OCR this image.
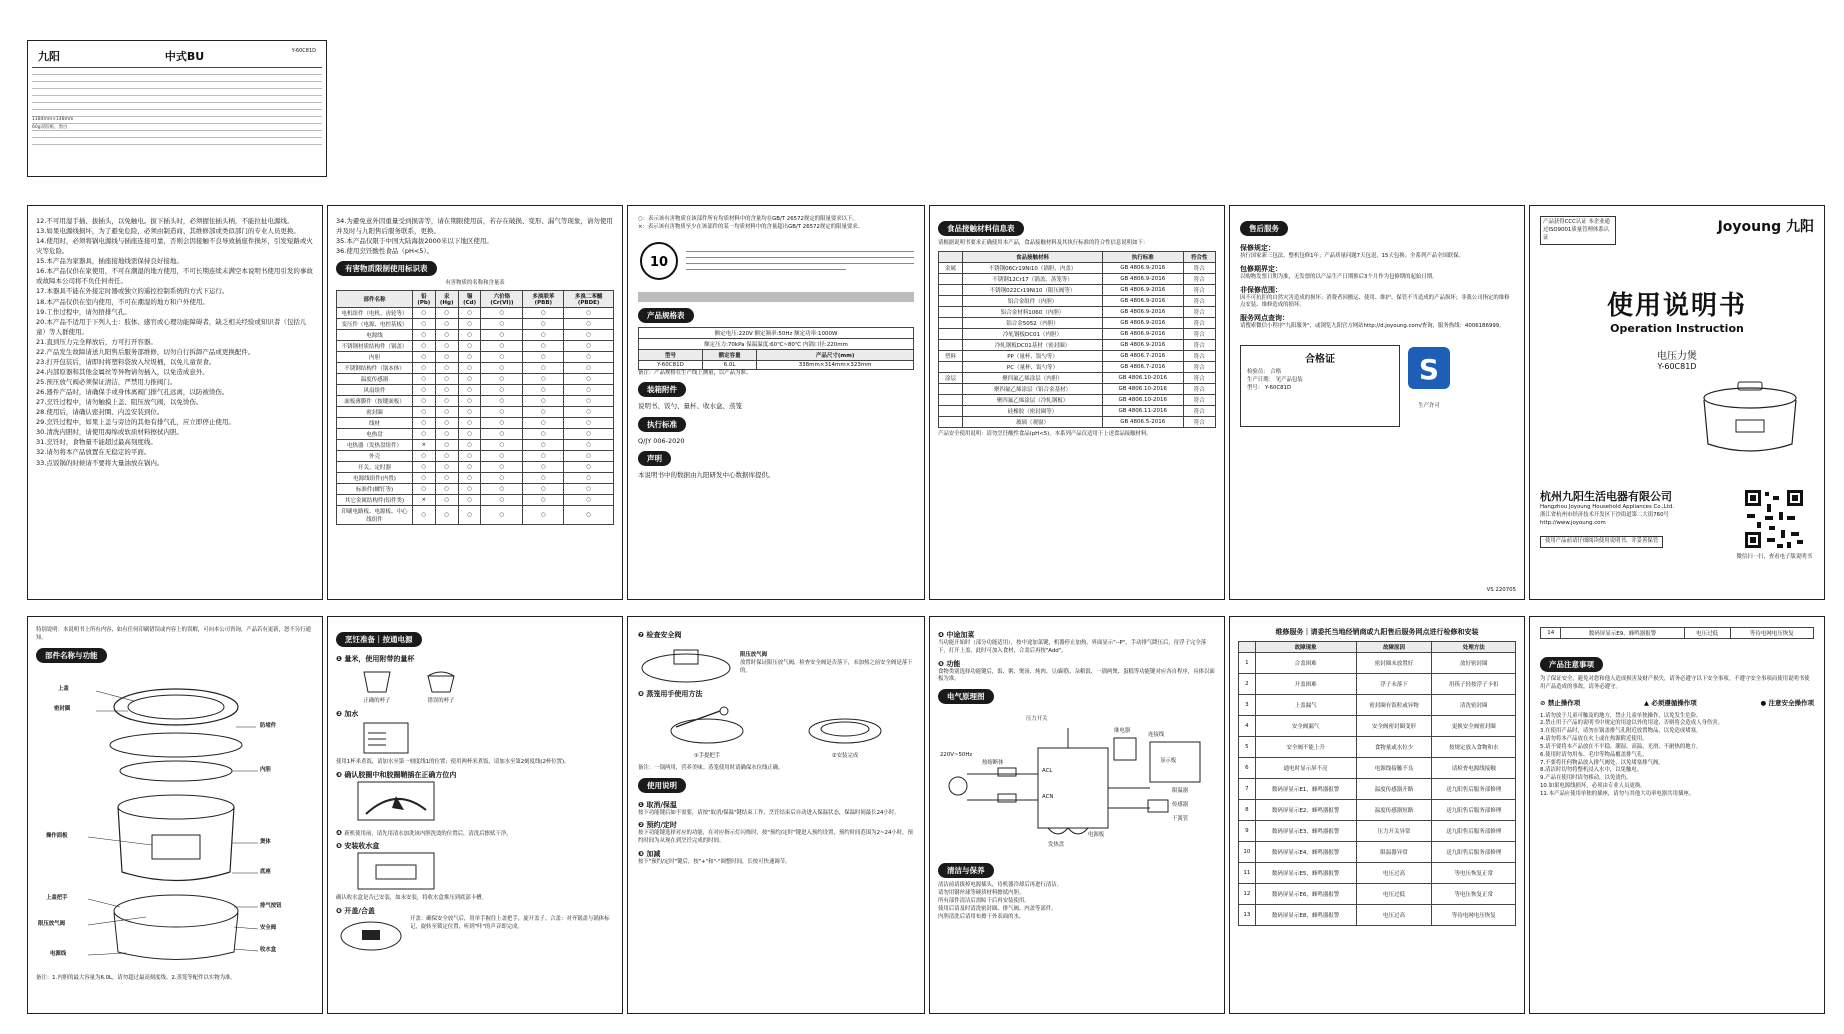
九阳	中式BU	Y-60C81D
1184mm×148mm
60g双胶纸，黑白
12.不可用湿手插、拔插头，以免触电。拔下插头时，必须握住插头柄，不能拉扯电源线。
13.如果电源线损坏，为了避免危险，必须由制造商、其维修部或类似部门的专业人员更换。
14.使用时，必须将锅电源线与插座连接可靠，否则会因接触不良导致插座件损坏，引发短路或火灾等危险。
15.本产品为家器具，插座接地线需保持良好接地。
16.本产品仅供在家使用，不可在潮湿的地方使用，不可长期连续未满空本说明书使用引发的事故或故障本公司将不负任何责任。
17.本器具不能在外接定时器或独立的遥控控制系统的方式下运行。
18.本产品仅供在室内使用，不可在潮湿的地方和户外使用。
19.工作过程中，请勿捂排气孔。
20.本产品不适用于下列人士：肢体、感官或心理功能障碍者，缺乏相关经验或知识者（包括儿童）等人群使用。
21.直到压力完全释放后，方可打开容器。
22.产品发生故障请送九阳售后服务部维修，切勿自行拆卸产品或更换配件。
23.打开包装后，请即时将塑料袋放入垃圾桶，以免儿童误食。
24.内部原器和其他金属丝等异物请勿插入，以免造成意外。
25.预压放气阀必须保证清洁，严禁用力推阀门。
26.器件产品时，请确保手或身体离阀门排气孔远离，以防被烫伤。
27.烹饪过程中，请勿触摸上盖、阻压放气阀，以免烫伤。
28.使用后，请确认密封圈、内盖安装到位。
29.烹饪过程中，如果上盖与旁边的其他有排气孔，应立即停止使用。
30.清洗内胆时，请使用海绵或软质材料擦拭内胆。
31.烹饪时，食物量不能超过最高刻度线。
32.请勿将本产品放置在无稳定的平面。
33.点饭锅的时候请不要将大量油放在锅内。
34.为避免意外因重量受到损害等，请在期限使用前，若存在破损、变形、漏气等现象，请勿使用并及时与九阳售后服务联系，更换。
35.本产品仅限于中国大陆海拔2000米以下地区使用。
36.使用烹饪酸性食品（pH<5）。
有害物质限制使用标识表
有害物质的名称和含量表
部件名称	铅(Pb)	汞(Hg)	镉(Cd)	六价铬(Cr(VI))	多溴联苯(PBB)	多溴二苯醚(PBDE)
电机组件（电机、齿轮等）	○	○	○	○	○	○
变压件（电源、电控基板）	○	○	○	○	○	○
电源线	○	○	○	○	○	○
不锈钢材质结构件（锅盖）	○	○	○	○	○	○
内胆	○	○	○	○	○	○
不锈钢结构件（锅本体）	○	○	○	○	○	○
温度传感器	○	○	○	○	○	○
风扇组件	○	○	○	○	○	○
面板薄膜件（按键面板）	○	○	○	○	○	○
密封圈	○	○	○	○	○	○
线材	○	○	○	○	○	○
电热盘	○	○	○	○	○	○
电热器（发热盘组件）	×	○	○	○	○	○
外壳	○	○	○	○	○	○
开关、定时器	○	○	○	○	○	○
电源线组件(内置)	○	○	○	○	○	○
标准件(螺钉等)	○	○	○	○	○	○
其它金属结构件(铝件类)	×	○	○	○	○	○
印刷电路板、电源板、中心线组件	○	○	○	○	○	○
○：表示该有害物质在该部件所有均质材料中的含量均在GB/T 26572规定的限量要求以下。
×：表示该有害物质至少在该部件的某一均质材料中的含量超出GB/T 26572规定的限量要求。
10
产品规格表
额定电压:220V 额定频率:50Hz 额定功率:1000W		
额定压力:70kPa 保温温度:60℃~80℃ 内锅口径:220mm		
型号	额定容量	产品尺寸(mm)
Y-60C81D	6.0L	338mm×314mm×323mm
备注：产品规格在生产线上测量，以产品为准。
装箱附件
说明书、饭勺、量杯、收水盒、蒸笼
执行标准
Q/JY 006-2020
声明
本说明书中的数据由九阳研发中心数据库提供。
食品接触材料信息表
请根据说明书要求正确使用本产品，食品接触材料及其执行标准的符合性信息说明如下：
	食品接触材料	执行标准	符合性
金属	不锈钢06Cr19Ni10（锅胆、内盖）	GB 4806.9-2016	符合
	不锈钢12Cr17（锅盖、蒸笼等）	GB 4806.9-2016	符合
	不锈钢022Cr19Ni10（限压阀等）	GB 4806.9-2016	符合
	铝合金组件（内胆）	GB 4806.9-2016	符合
	铝合金材料1060（内胆）	GB 4806.9-2016	符合
	铝合金5052（内胆）	GB 4806.9-2016	符合
	冷轧钢板DC01（内胆）	GB 4806.9-2016	符合
	冷轧钢板DC01基材（密封圈）	GB 4806.9-2016	符合
塑料	PP（量杯、饭勺等）	GB 4806.7-2016	符合
	PC（量杯、饭勺等）	GB 4806.7-2016	符合
涂层	聚四氟乙烯涂层（内胆）	GB 4806.10-2016	符合
	聚四氟乙烯涂层（铝合金基材）	GB 4806.10-2016	符合
	聚四氟乙烯涂层（冷轧钢板）	GB 4806.10-2016	符合
	硅橡胶（密封圈等）	GB 4806.11-2016	符合
	玻璃（观窗）	GB 4806.5-2016	符合
产品安全使用说明：请勿烹饪酸性食品(pH<5)。本系列产品仅适用于上述食品接触材料。
售后服务
保修规定：
执行国家新三包法，整机包修1年；产品质量问题7天包退，15天包换；全系列产品全国联保。
包修期界定：
以购物发票日期为准，无发票的以产品生产日期推后3个月作为包修期的起始日期。
非保修范围：
因不可抗拒的自然灾害造成的损坏；消费者因搬运、使用、维护、保管不当造成的产品损坏；非我公司指定的维修点安装、维修造成的损坏。
服务网点查询：
请搜索微信小程序"九阳服务"，或浏览九阳官方网站http://d.joyoung.com/查询，服务热线：4006186999。
合格证
检验员：
合格
生产日期：
见产品包装
型号：
Y-60C81D
S
生产许可
VS 220705
产品获得CCC认证 本企业通过ISO9001质量管理体系认证
Joyoung 九阳
使用说明书
Operation Instruction
电压力煲
Y-60C81D
杭州九阳生活电器有限公司
Hangzhou Joyoung Household Appliances Co.,Ltd.
浙江省杭州市经济技术开发区下沙街道第二大街760号
http://www.joyoung.com
使用产品前请仔细阅读使用说明书，并妥善保管
微信扫一扫，查看电子版说明书
特别说明：本说明书上所有内容，如有任何印刷错误或内容上的误解，可向本公司咨询，产品若有更新，恕不另行通知。
部件名称与功能
上盖
密封圈
操作面板
上盖把手
限压放气阀
电源线
防堵件
内胆
煲体
底座
排气按钮
安全阀
收水盒
备注：1.内胆的最大容量为6.0L，请勿超过最高刻度线。2.蒸笼等配件以实物为准。
烹饪准备｜按通电源
❶ 量米，使用附带的量杯
正确的杯子	错误的杯子
❷ 加水
使用1杯米煮饭，请加水至第一刻度线1的位置；使用两杯米煮饭，请加水至第2刻度线(2杯位置)。
❸ 确认胶圈中和胶圈鞘插在正确方位内
❹ 新机使用前，请先用清水加洗该内胆洗烫的位置后，清洗后擦拭干净。
❺ 安装收水盒
确认收水盒是否已安装，如未安装，将收水盒推压到底部卡槽。
❻ 开盖/合盖
开盖：确保安全放气后，用单手握住上盖把手，旋开盖子。合盖：对齐锅盖与锅体标记，旋转至锁定位置，听到"咔"的声音即完成。
❼ 检查安全阀
限压放气阀
放置时保证限压放气阀，检查安全阀是否落下，未加热之前安全阀是落下的。
❽ 蒸笼用手使用方法
①手提把手	②安装完成
备注：一锅两用，营养美味。蒸笼使用时请确保水位线正确。
使用说明
❶ 取消/保温
按下功能键后如不需要，请按"取消/保温"键结束工作，烹饪结束后自动进入保温状态，保温时间最长24小时。
❷ 预约/定时
按下功能键选择对应的功能，在对应指示灯闪烁时，按"预约/定时"键进入预约设置，预约时间范围为2~24小时，预约时间为从现在到烹饪完成的时间。
❸ 加减
按下"预约/定时"键后，按"+"和"-"调整时间，长按可快速调节。
❹ 中途加菜
当功能开始时（部分功能适用），按中途加菜键，机器停止加热。界面显示"--P"，手动排气降压后，待浮子完全落下，打开上盖，此时可加入食材，合盖后再按"Add"。
❺ 功能
食物类别选择功能键后，饭、粥、煲汤、炖肉、豆/蹄筋、杂粮饭、一锅两煲、蛋糕等功能键对应各自程序，具体以面板为准。
电气原理图
压力开关
热熔断体
继电器
连接线
显示板
220V~50Hz
ACL
ACN
电源板
限温器
发热盘
传感器
干簧管
清洁与保养
清洁前请拔掉电源插头，待机器冷却后再进行清洁。
请勿用钢丝球等硬质材料擦拭内胆。
所有部件清洁后需晾干后再安装使用。
使用后请及时清洗密封圈、排气阀、内盖等部件。
内胆清洗后请用布擦干外表面的水。
维修服务｜请委托当地经销商或九阳售后服务网点进行检修和安装
	故障现象	故障原因	处理方法
1	合盖困难	密封圈未放置好	放好密封圈
2	开盖困难	浮子未落下	用筷子轻按浮子卡扣
3	上盖漏气	密封圈有饭粒或异物	清洗密封圈
4	安全阀漏气	安全阀密封圈变形	更换安全阀密封圈
5	安全阀不能上升	食物量或水位少	按规定放入食物和水
6	通电时显示屏不亮	电源线接触不良	请检查电源线接触
7	数码屏显示E1，蜂鸣器报警	温度传感器开路	送九阳售后服务部修理
8	数码屏显示E2，蜂鸣器报警	温度传感器短路	送九阳售后服务部修理
9	数码屏显示E3，蜂鸣器报警	压力开关异常	送九阳售后服务部修理
10	数码屏显示E4，蜂鸣器报警	限温器异常	送九阳售后服务部修理
11	数码屏显示E5，蜂鸣器报警	电压过高	等电压恢复正常
12	数码屏显示E6，蜂鸣器报警	电压过低	等电压恢复正常
13	数码屏显示E8，蜂鸣器报警	电压过高	等待电网电压恢复
14	数码屏显示E9，蜂鸣器报警	电压过低	等待电网电压恢复
产品注意事项
为了保证安全，避免对您和他人造成损害及财产损失，请务必遵守以下安全事项。不遵守安全事项而使用说明书使用产品造成的事故，请务必遵守。
⊘ 禁止操作项	▲ 必须遵循操作项	● 注意安全操作项
1.请勿放于儿童可触及的地方，禁止儿童单独操作，以免发生危险。
2.禁止用于产品的说明书中规定的用途以外的用途，否则将会造成人身伤害。
3.在使用产品时，请勿在锅盖排气孔附近放置物品，以免造成堵塞。
4.请勿将本产品放在火上或在热源附近使用。
5.请不要将本产品放在不平稳、潮湿、高温、光滑、不耐热的地方。
6.使用时请勿用布、毛巾等物品覆盖排气孔。
7.不要将任何物品放入排气阀处，以免堵塞排气阀。
8.清洁时切勿将整机浸入水中，以免触电。
9.产品在使用时请勿移动，以免烫伤。
10.如果电源线损坏，必须由专业人员更换。
11.本产品应使用单独的插座，请勿与其他大功率电器共用插座。
